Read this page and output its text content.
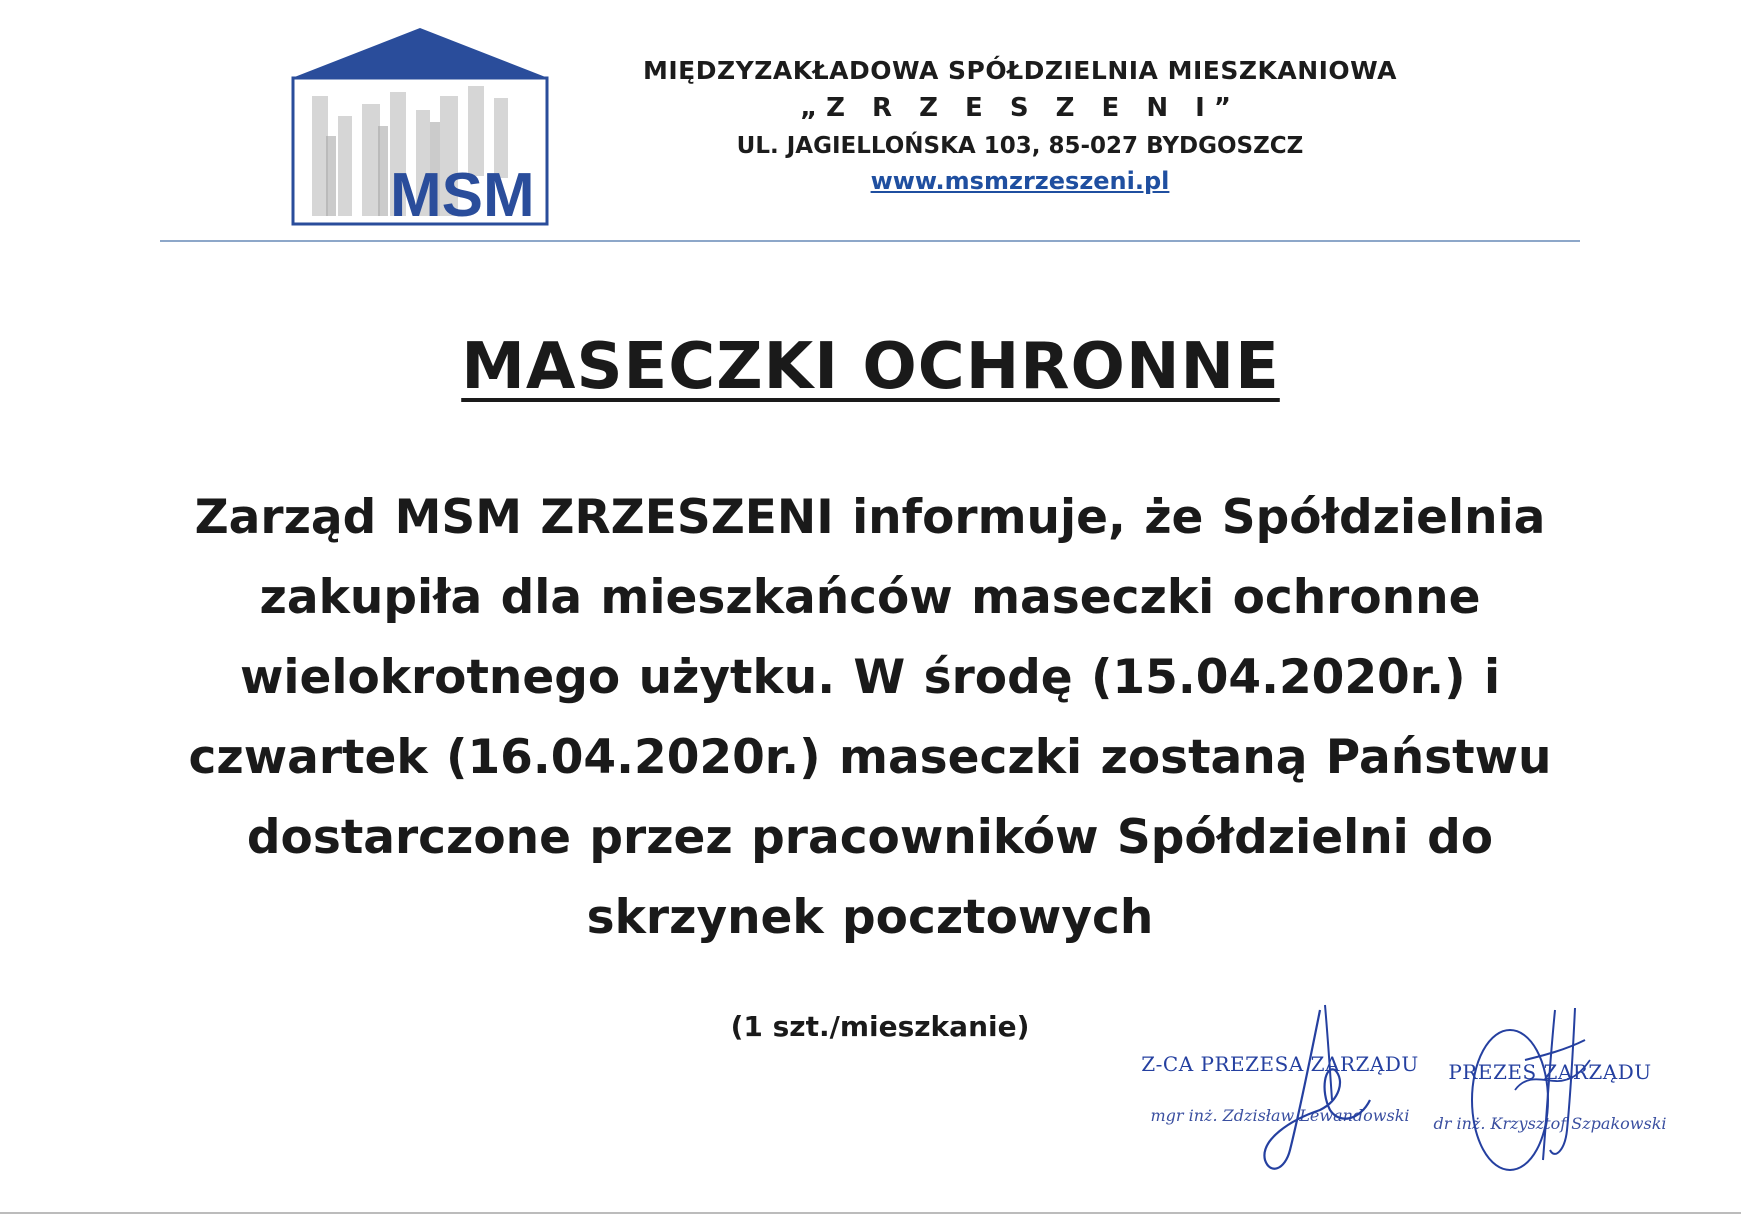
MSM
MIĘDZYZAKŁADOWA SPÓŁDZIELNIA MIESZKANIOWA
„Z R Z E S Z E N I”
UL. JAGIELLOŃSKA 103, 85-027 BYDGOSZCZ
www.msmzrzeszeni.pl
MASECZKI OCHRONNE
Zarząd MSM ZRZESZENI informuje, że Spółdzielnia
zakupiła dla mieszkańców maseczki ochronne
wielokrotnego użytku. W środę (15.04.2020r.) i
czwartek (16.04.2020r.) maseczki zostaną Państwu
dostarczone przez pracowników Spółdzielni do
skrzynek pocztowych
(1 szt./mieszkanie)
Z-CA PREZESA ZARZĄDU
mgr inż. Zdzisław Lewandowski
PREZES ZARZĄDU
dr inż. Krzysztof Szpakowski
